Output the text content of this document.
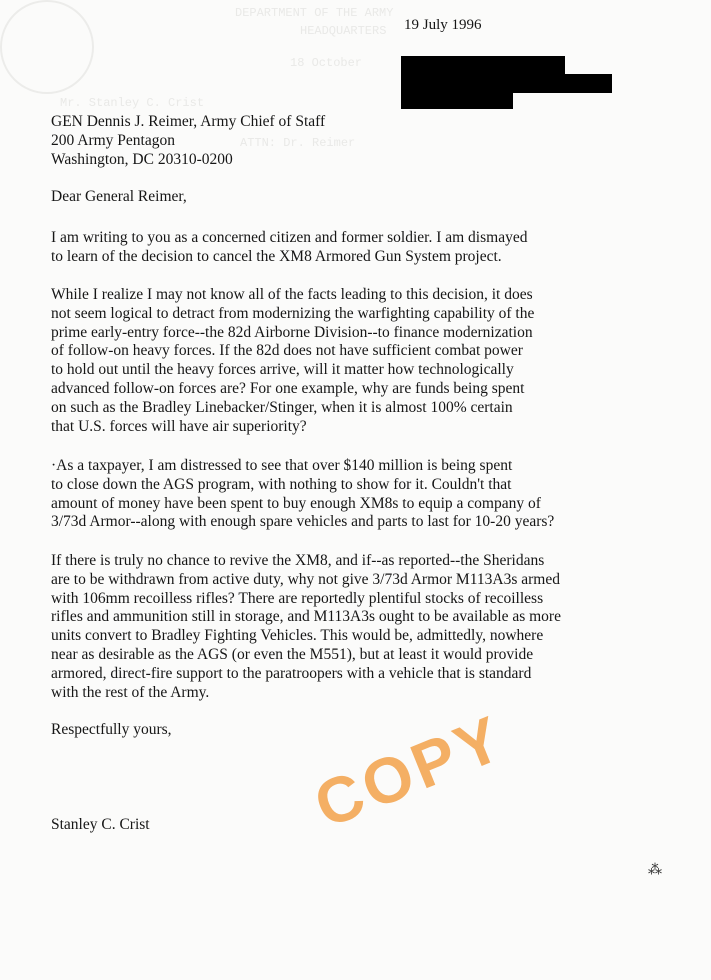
DEPARTMENT OF THE ARMY
HEADQUARTERS
18 October
Mr. Stanley C. Crist
ATTN: Dr. Reimer
19 July 1996
GEN Dennis J. Reimer, Army Chief of Staff
200 Army Pentagon
Washington, DC 20310-0200
Dear General Reimer,
I am writing to you as a concerned citizen and former soldier. I am dismayed
to learn of the decision to cancel the XM8 Armored Gun System project.
While I realize I may not know all of the facts leading to this decision, it does
not seem logical to detract from modernizing the warfighting capability of the
prime early-entry force--the 82d Airborne Division--to finance modernization
of follow-on heavy forces. If the 82d does not have sufficient combat power
to hold out until the heavy forces arrive, will it matter how technologically
advanced follow-on forces are? For one example, why are funds being spent
on such as the Bradley Linebacker/Stinger, when it is almost 100% certain
that U.S. forces will have air superiority?
·As a taxpayer, I am distressed to see that over $140 million is being spent
to close down the AGS program, with nothing to show for it. Couldn't that
amount of money have been spent to buy enough XM8s to equip a company of
3/73d Armor--along with enough spare vehicles and parts to last for 10-20 years?
If there is truly no chance to revive the XM8, and if--as reported--the Sheridans
are to be withdrawn from active duty, why not give 3/73d Armor M113A3s armed
with 106mm recoilless rifles? There are reportedly plentiful stocks of recoilless
rifles and ammunition still in storage, and M113A3s ought to be available as more
units convert to Bradley Fighting Vehicles. This would be, admittedly, nowhere
near as desirable as the AGS (or even the M551), but at least it would provide
armored, direct-fire support to the paratroopers with a vehicle that is standard
with the rest of the Army.
Respectfully yours,
Stanley C. Crist COPY
⁂
